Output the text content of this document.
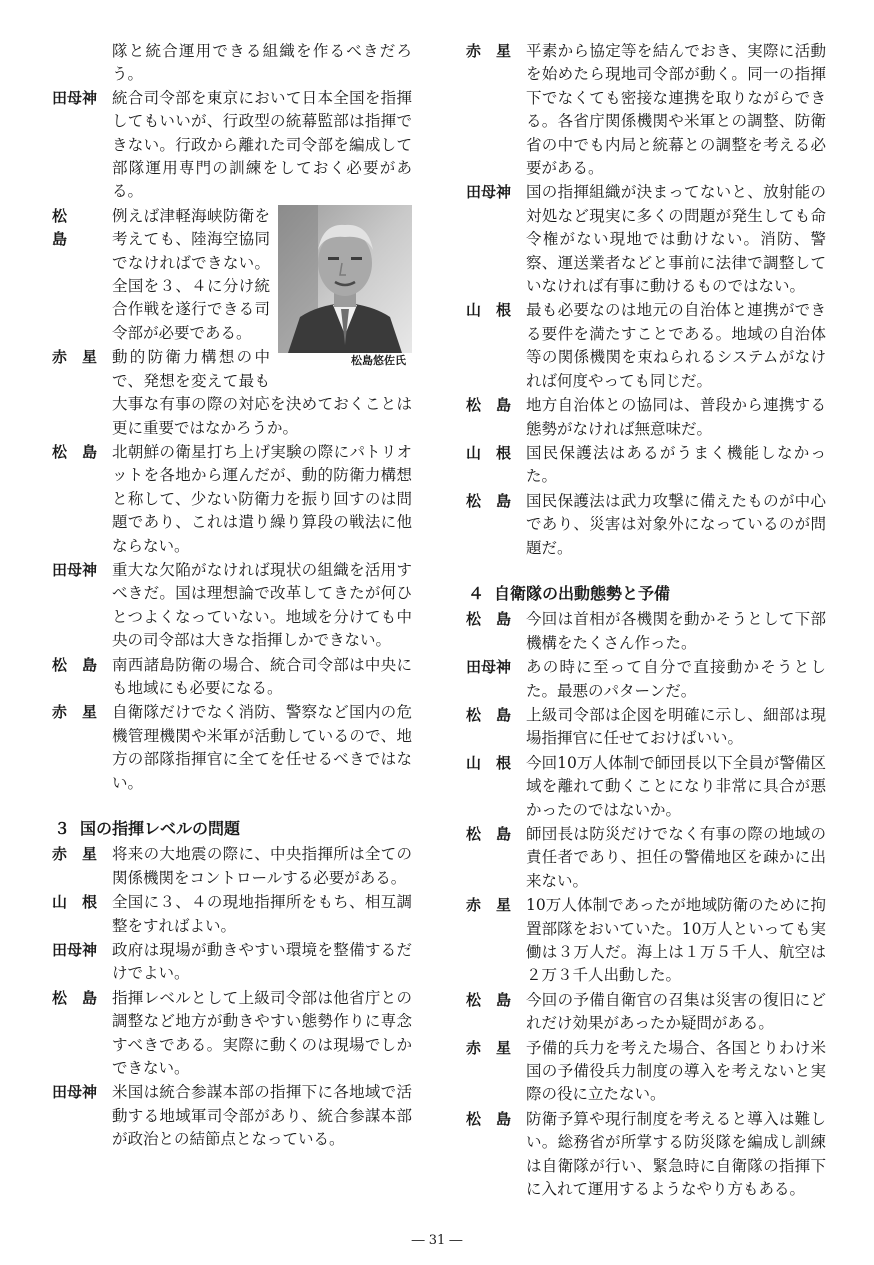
隊と統合運用できる組織を作るべきだろう。
田母神 統合司令部を東京において日本全国を指揮してもいいが、行政型の統幕監部は指揮できない。行政から離れた司令部を編成して部隊運用専門の訓練をしておく必要がある。
松島悠佐氏
松　島
例えば津軽海峡防衛を考えても、陸海空協同でなければできない。全国を３、４に分け統合作戦を遂行できる司令部が必要である。
赤　星 動的防衛力構想の中で、発想を変えて最も大事な有事の際の対応を決めておくことは更に重要ではなかろうか。
松　島 北朝鮮の衛星打ち上げ実験の際にパトリオットを各地から運んだが、動的防衛力構想と称して、少ない防衛力を振り回すのは問題であり、これは遣り繰り算段の戦法に他ならない。
田母神 重大な欠陥がなければ現状の組織を活用すべきだ。国は理想論で改革してきたが何ひとつよくなっていない。地域を分けても中央の司令部は大きな指揮しかできない。
松　島 南西諸島防衛の場合、統合司令部は中央にも地域にも必要になる。
赤　星 自衛隊だけでなく消防、警察など国内の危機管理機関や米軍が活動しているので、地方の部隊指揮官に全てを任せるべきではない。
３ 国の指揮レベルの問題
赤　星 将来の大地震の際に、中央指揮所は全ての関係機関をコントロールする必要がある。
山　根 全国に３、４の現地指揮所をもち、相互調整をすればよい。
田母神 政府は現場が動きやすい環境を整備するだけでよい。
松　島 指揮レベルとして上級司令部は他省庁との調整など地方が動きやすい態勢作りに専念すべきである。実際に動くのは現場でしかできない。
田母神 米国は統合参謀本部の指揮下に各地域で活動する地域軍司令部があり、統合参謀本部が政治との結節点となっている。
赤　星 平素から協定等を結んでおき、実際に活動を始めたら現地司令部が動く。同一の指揮下でなくても密接な連携を取りながらできる。各省庁関係機関や米軍との調整、防衛省の中でも内局と統幕との調整を考える必要がある。
田母神 国の指揮組織が決まってないと、放射能の対処など現実に多くの問題が発生しても命令権がない現地では動けない。消防、警察、運送業者などと事前に法律で調整していなければ有事に動けるものではない。
山　根 最も必要なのは地元の自治体と連携ができる要件を満たすことである。地域の自治体等の関係機関を束ねられるシステムがなければ何度やっても同じだ。
松　島 地方自治体との協同は、普段から連携する態勢がなければ無意味だ。
山　根 国民保護法はあるがうまく機能しなかった。
松　島 国民保護法は武力攻撃に備えたものが中心であり、災害は対象外になっているのが問題だ。
４ 自衛隊の出動態勢と予備
松　島 今回は首相が各機関を動かそうとして下部機構をたくさん作った。
田母神 あの時に至って自分で直接動かそうとした。最悪のパターンだ。
松　島 上級司令部は企図を明確に示し、細部は現場指揮官に任せておけばいい。
山　根 今回10万人体制で師団長以下全員が警備区域を離れて動くことになり非常に具合が悪かったのではないか。
松　島 師団長は防災だけでなく有事の際の地域の責任者であり、担任の警備地区を疎かに出来ない。
赤　星 10万人体制であったが地域防衛のために拘置部隊をおいていた。10万人といっても実働は３万人だ。海上は１万５千人、航空は２万３千人出動した。
松　島 今回の予備自衛官の召集は災害の復旧にどれだけ効果があったか疑問がある。
赤　星 予備的兵力を考えた場合、各国とりわけ米国の予備役兵力制度の導入を考えないと実際の役に立たない。
松　島 防衛予算や現行制度を考えると導入は難しい。総務省が所掌する防災隊を編成し訓練は自衛隊が行い、緊急時に自衛隊の指揮下に入れて運用するようなやり方もある。
― 31 ―
